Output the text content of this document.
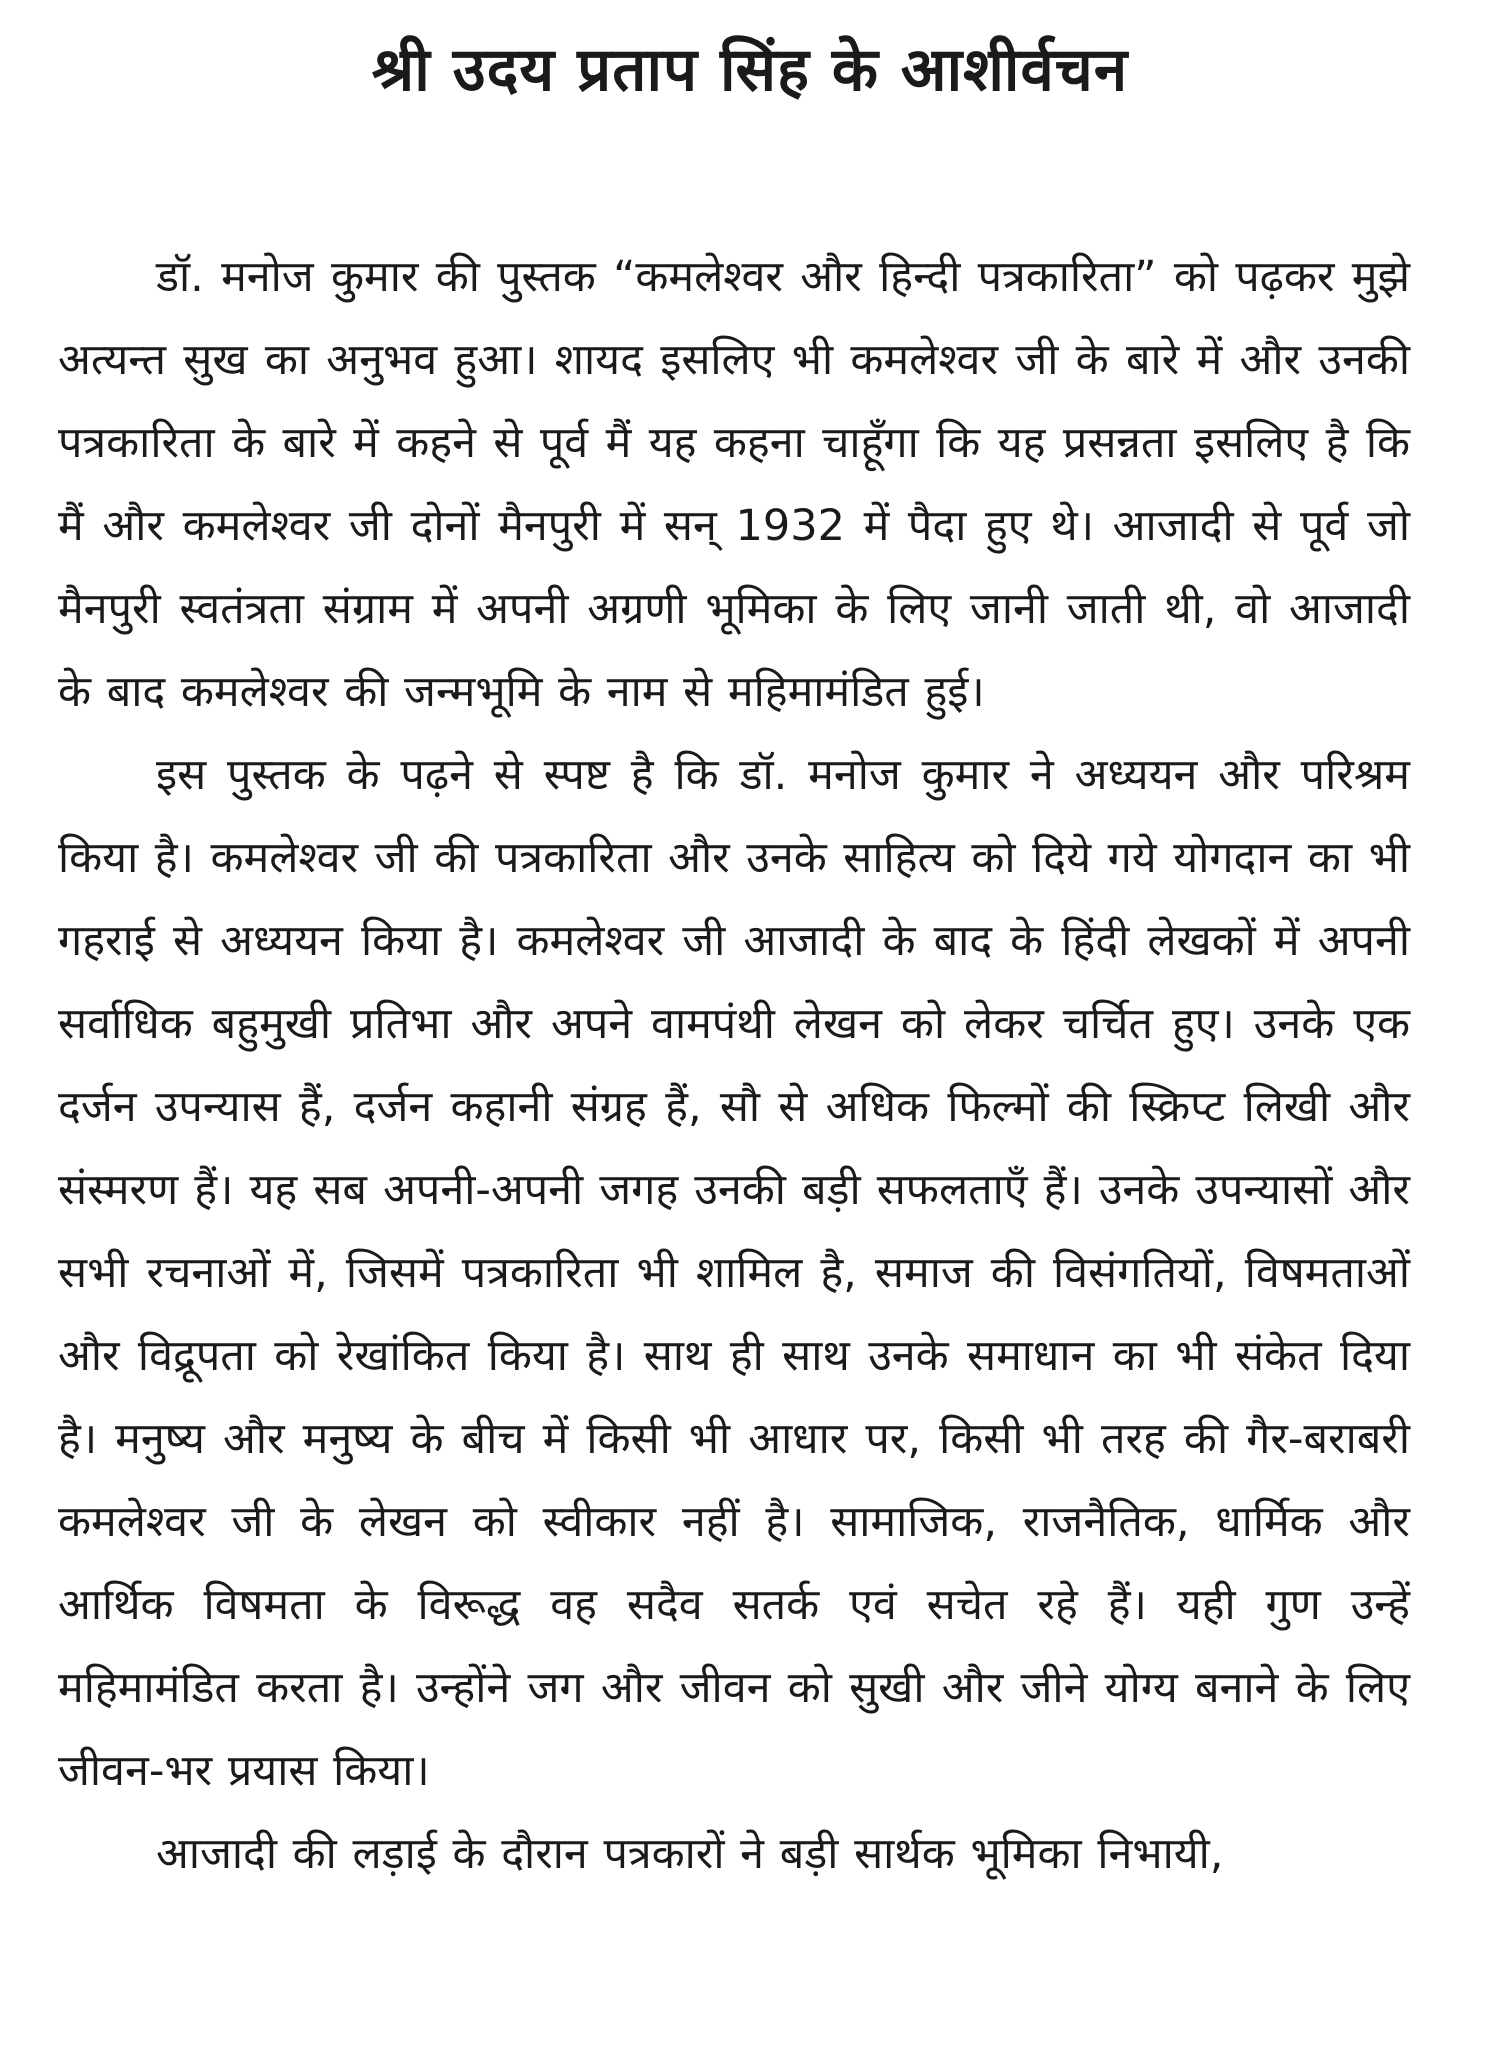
श्री उदय प्रताप सिंह के आशीर्वचन

डॉ. मनोज कुमार की पुस्तक “कमलेश्वर और हिन्दी पत्रकारिता” को पढ़कर मुझे अत्यन्त सुख का अनुभव हुआ। शायद इसलिए भी कमलेश्वर जी के बारे में और उनकी पत्रकारिता के बारे में कहने से पूर्व मैं यह कहना चाहूँगा कि यह प्रसन्नता इसलिए है कि मैं और कमलेश्वर जी दोनों मैनपुरी में सन् 1932 में पैदा हुए थे। आजादी से पूर्व जो मैनपुरी स्वतंत्रता संग्राम में अपनी अग्रणी भूमिका के लिए जानी जाती थी, वो आजादी के बाद कमलेश्वर की जन्मभूमि के नाम से महिमामंडित हुई।

इस पुस्तक के पढ़ने से स्पष्ट है कि डॉ. मनोज कुमार ने अध्ययन और परिश्रम किया है। कमलेश्वर जी की पत्रकारिता और उनके साहित्य को दिये गये योगदान का भी गहराई से अध्ययन किया है। कमलेश्वर जी आजादी के बाद के हिंदी लेखकों में अपनी सर्वाधिक बहुमुखी प्रतिभा और अपने वामपंथी लेखन को लेकर चर्चित हुए। उनके एक दर्जन उपन्यास हैं, दर्जन कहानी संग्रह हैं, सौ से अधिक फिल्मों की स्क्रिप्ट लिखी और संस्मरण हैं। यह सब अपनी-अपनी जगह उनकी बड़ी सफलताएँ हैं। उनके उपन्यासों और सभी रचनाओं में, जिसमें पत्रकारिता भी शामिल है, समाज की विसंगतियों, विषमताओं और विद्रूपता को रेखांकित किया है। साथ ही साथ उनके समाधान का भी संकेत दिया है। मनुष्य और मनुष्य के बीच में किसी भी आधार पर, किसी भी तरह की गैर-बराबरी कमलेश्वर जी के लेखन को स्वीकार नहीं है। सामाजिक, राजनैतिक, धार्मिक और आर्थिक विषमता के विरूद्ध वह सदैव सतर्क एवं सचेत रहे हैं। यही गुण उन्हें महिमामंडित करता है। उन्होंने जग और जीवन को सुखी और जीने योग्य बनाने के लिए जीवन-भर प्रयास किया।

आजादी की लड़ाई के दौरान पत्रकारों ने बड़ी सार्थक भूमिका निभायी,
